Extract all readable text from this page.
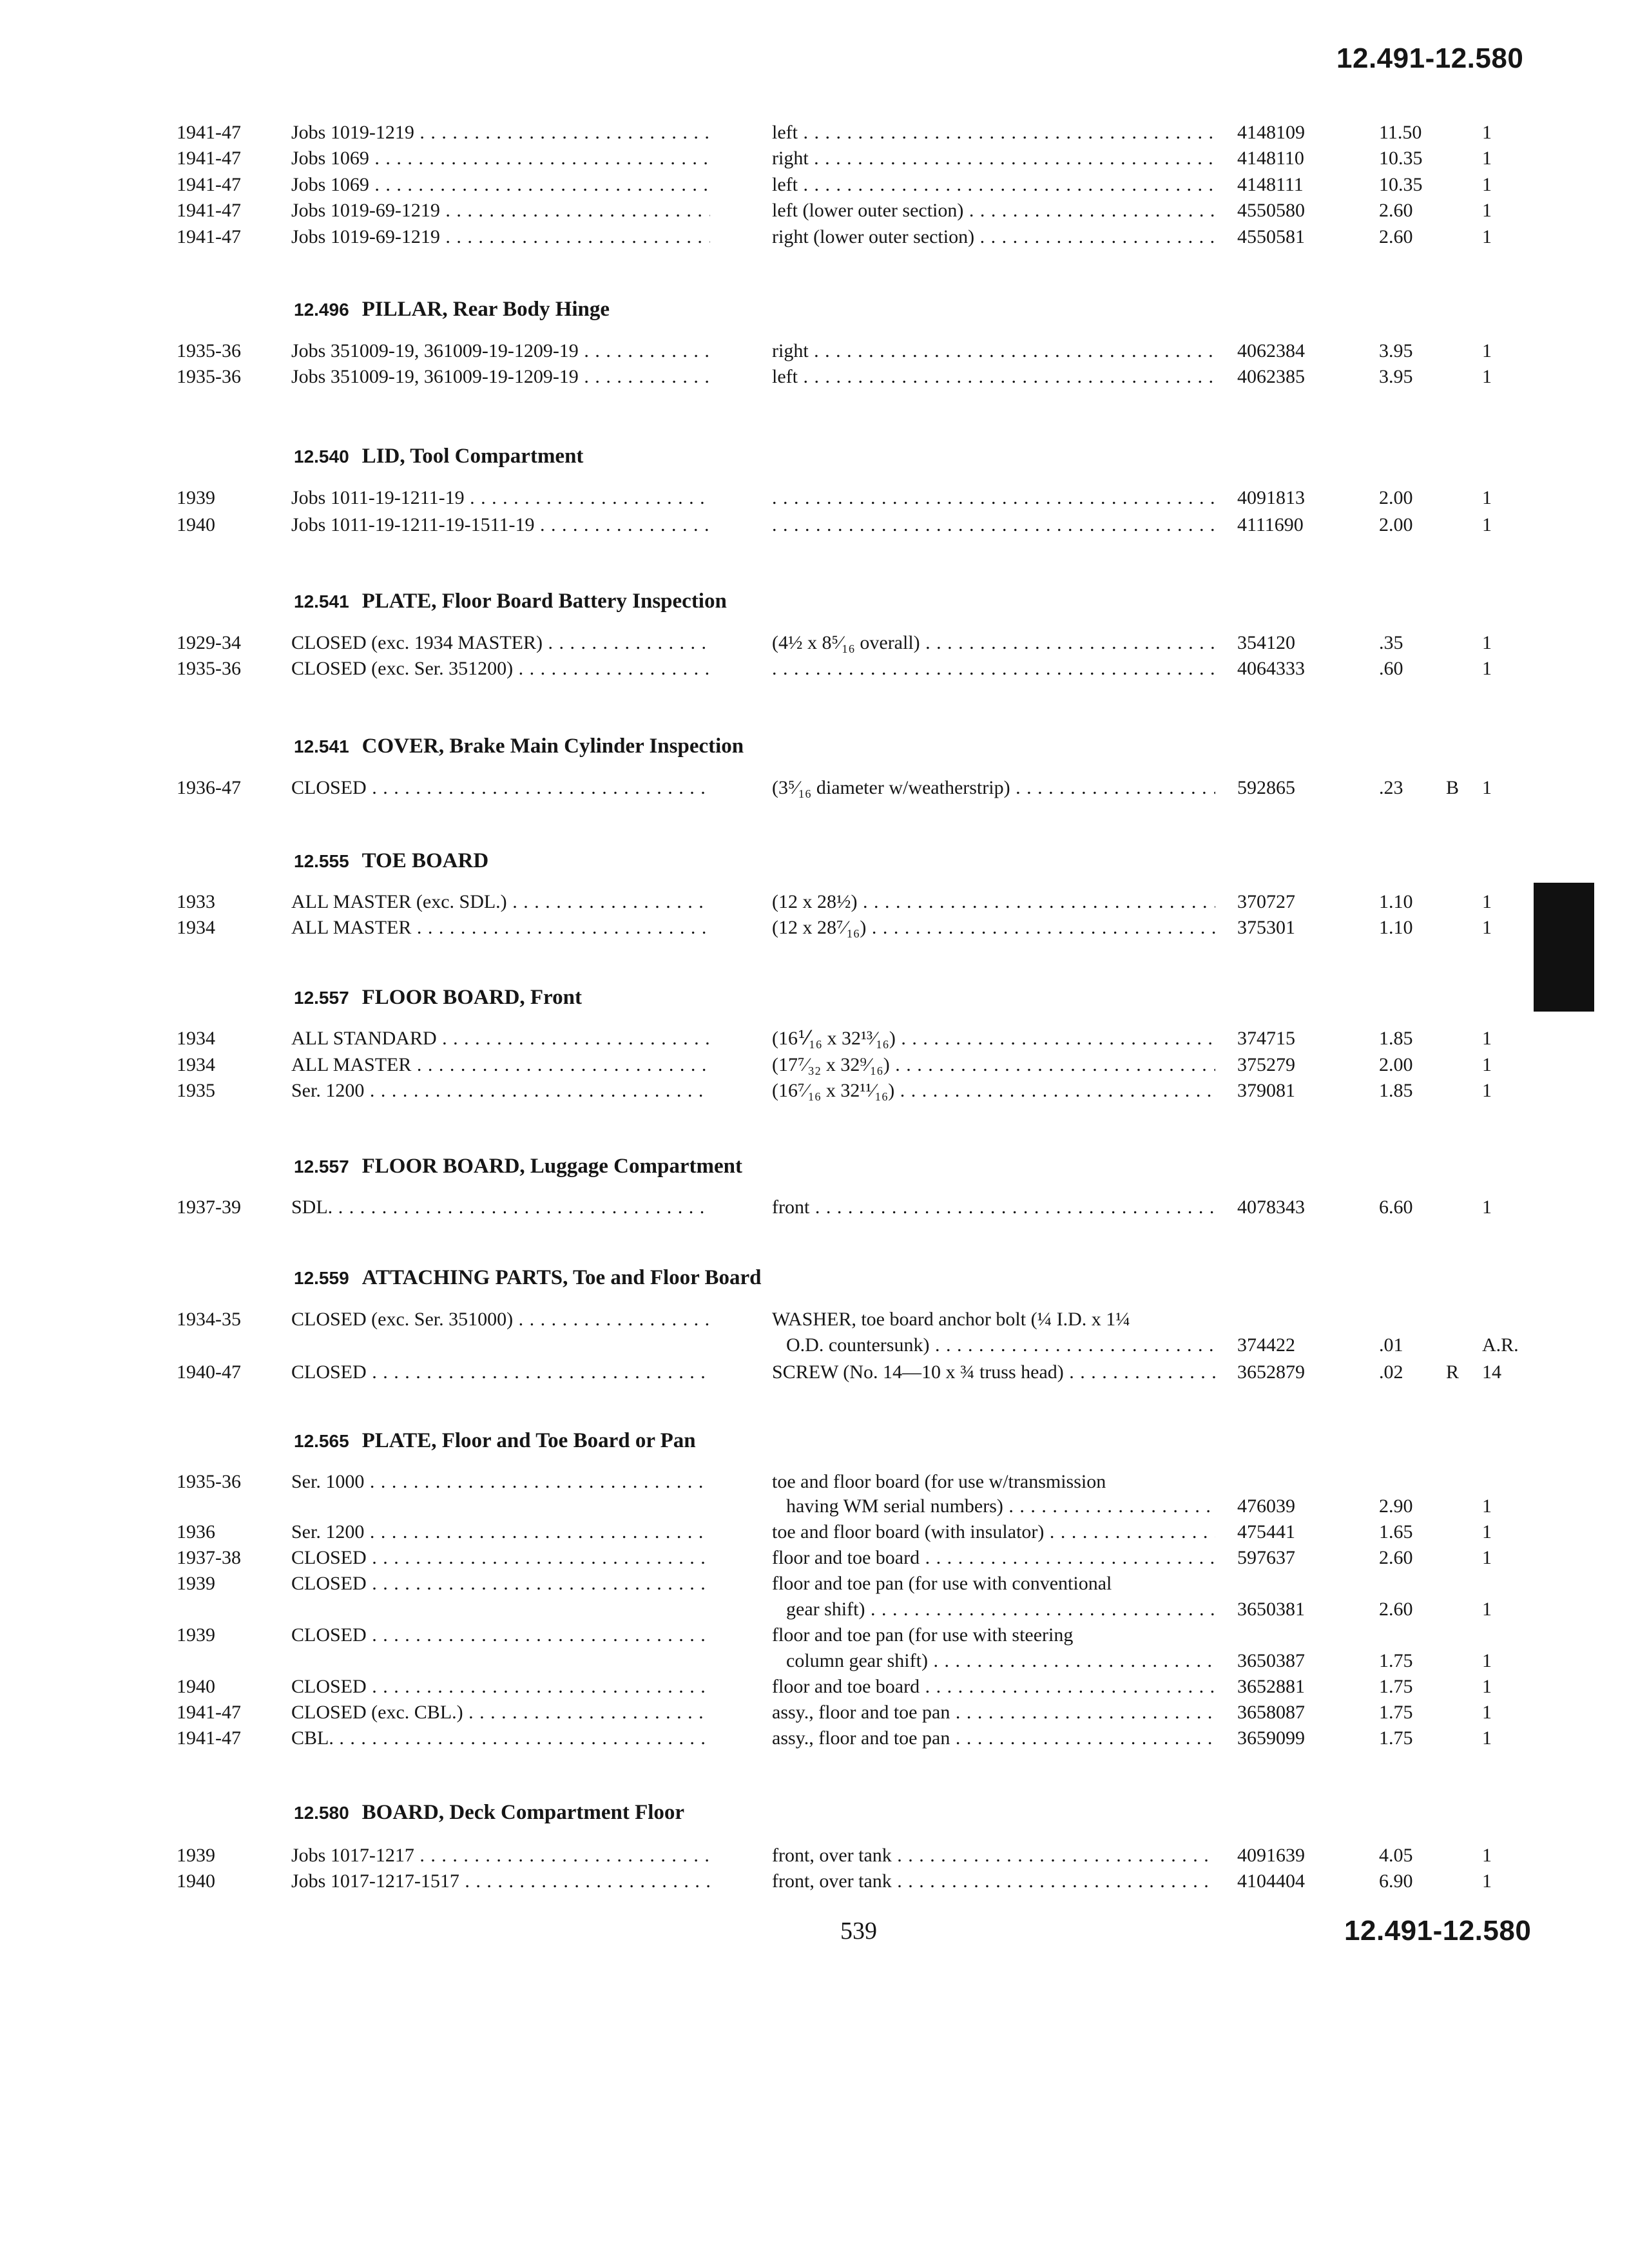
12.491-12.580
1941-47	Jobs 1019-1219 . . .	left . . .	4148109	11.50	1
1941-47	Jobs 1069 . . .	right . . .	4148110	10.35	1
1941-47	Jobs 1069 . . .	left . . .	4148111	10.35	1
1941-47	Jobs 1019-69-1219 . . .	left (lower outer section) . . .	4550580	2.60	1
1941-47	Jobs 1019-69-1219 . . .	right (lower outer section) . . .	4550581	2.60	1
12.496 PILLAR, Rear Body Hinge
1935-36	Jobs 351009-19, 361009-19-1209-19 . . .	right . . .	4062384	3.95	1
1935-36	Jobs 351009-19, 361009-19-1209-19 . . .	left . . .	4062385	3.95	1
12.540 LID, Tool Compartment
1939	Jobs 1011-19-1211-19 . . . . . .	4091813	2.00	1
1940	Jobs 1011-19-1211-19-1511-19 . . . . . .	4111690	2.00	1
12.541 PLATE, Floor Board Battery Inspection
1929-34	CLOSED (exc. 1934 MASTER) . . .	(4½ x 8⁵⁄₁₆ overall) . . .	354120	.35	1
1935-36	CLOSED (exc. Ser. 351200) . . . . . .	4064333	.60	1
12.541 COVER, Brake Main Cylinder Inspection
1936-47	CLOSED . . .	(3⁵⁄₁₆ diameter w/weatherstrip) . . .	592865	.23 B 1
12.555 TOE BOARD
1933	ALL MASTER (exc. SDL.) . . .	(12 x 28½) . . .	370727	1.10	1
1934	ALL MASTER . . .	(12 x 28⁷⁄₁₆) . . .	375301	1.10	1
12.557 FLOOR BOARD, Front
1934	ALL STANDARD . . .	(16⅟₁₆ x 32¹³⁄₁₆) . . .	374715	1.85	1
1934	ALL MASTER . . .	(17⁷⁄₃₂ x 32⁹⁄₁₆) . . .	375279	2.00	1
1935	Ser. 1200 . . .	(16⁷⁄₁₆ x 32¹¹⁄₁₆) . . .	379081	1.85	1
12.557 FLOOR BOARD, Luggage Compartment
1937-39	SDL. . . .	front . . .	4078343	6.60	1
12.559 ATTACHING PARTS, Toe and Floor Board
1934-35	CLOSED (exc. Ser. 351000) . . .	WASHER, toe board anchor bolt (¼ I.D. x 1¼
O.D. countersunk) . . .	374422	.01	A.R.
1940-47	CLOSED . . .	SCREW (No. 14—10 x ¾ truss head) . . .	3652879	.02 R 14
12.565 PLATE, Floor and Toe Board or Pan
1935-36	Ser. 1000 . . .	toe and floor board (for use w/transmission
having WM serial numbers) . . .	476039	2.90	1
1936	Ser. 1200 . . .	toe and floor board (with insulator) . . .	475441	1.65	1
1937-38	CLOSED . . .	floor and toe board . . .	597637	2.60	1
1939	CLOSED . . .	floor and toe pan (for use with conventional
gear shift) . . .	3650381	2.60	1
1939	CLOSED . . .	floor and toe pan (for use with steering
column gear shift) . . .	3650387	1.75	1
1940	CLOSED . . .	floor and toe board . . .	3652881	1.75	1
1941-47	CLOSED (exc. CBL.) . . .	assy., floor and toe pan . . .	3658087	1.75	1
1941-47	CBL. . . .	assy., floor and toe pan . . .	3659099	1.75	1
12.580 BOARD, Deck Compartment Floor
1939	Jobs 1017-1217 . . .	front, over tank . . .	4091639	4.05	1
1940	Jobs 1017-1217-1517 . . .	front, over tank . . .	4104404	6.90	1
539	12.491-12.580
